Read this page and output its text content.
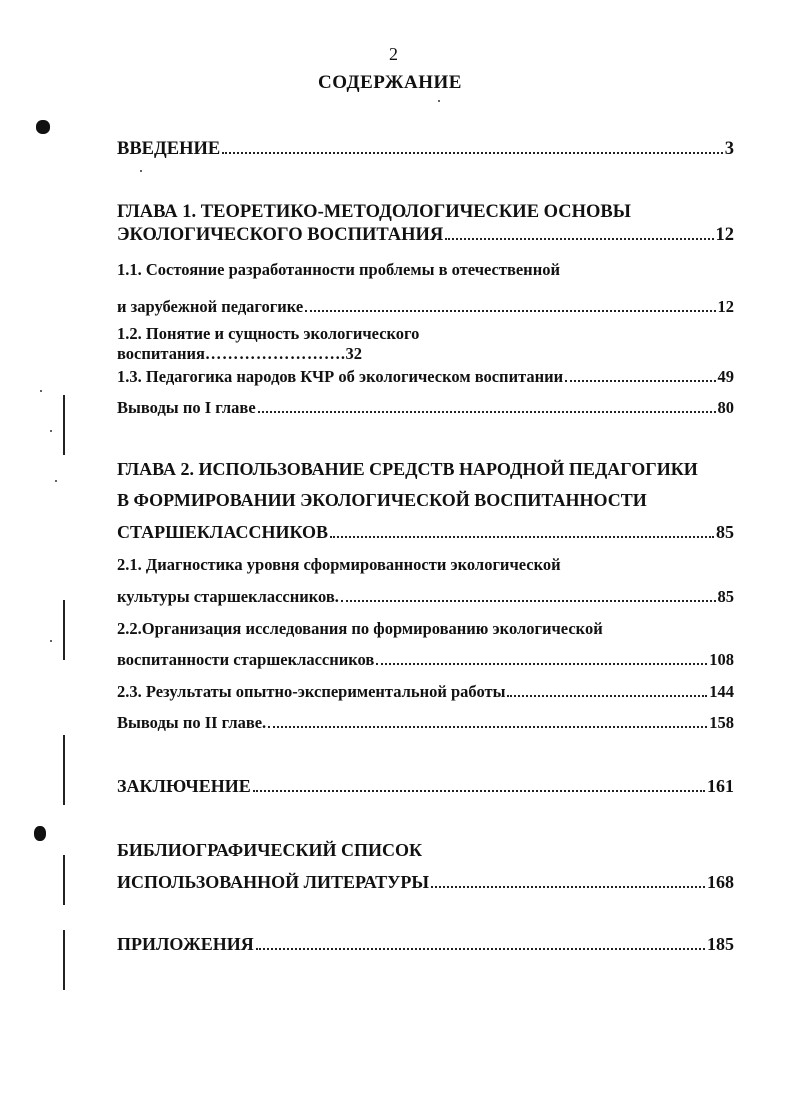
2
СОДЕРЖАНИЕ
ВВЕДЕНИЕ	3
ГЛАВА 1. ТЕОРЕТИКО-МЕТОДОЛОГИЧЕСКИЕ ОСНОВЫ
ЭКОЛОГИЧЕСКОГО ВОСПИТАНИЯ	12
1.1. Состояние разработанности проблемы в отечественной
и зарубежной педагогике	12
1.2. Понятие и сущность экологического
воспитания ……………………. 32
1.3. Педагогика народов КЧР об экологическом воспитании	49
Выводы по I главе	80
ГЛАВА 2. ИСПОЛЬЗОВАНИЕ СРЕДСТВ НАРОДНОЙ ПЕДАГОГИКИ
В ФОРМИРОВАНИИ ЭКОЛОГИЧЕСКОЙ ВОСПИТАННОСТИ
СТАРШЕКЛАССНИКОВ	85
2.1. Диагностика уровня сформированности экологической
культуры старшеклассников.	85
2.2.Организация исследования по формированию экологической
воспитанности старшеклассников	108
2.3. Результаты опытно-экспериментальной работы	144
Выводы по II главе.	158
ЗАКЛЮЧЕНИЕ	161
БИБЛИОГРАФИЧЕСКИЙ СПИСОК
ИСПОЛЬЗОВАННОЙ ЛИТЕРАТУРЫ	168
ПРИЛОЖЕНИЯ	185
